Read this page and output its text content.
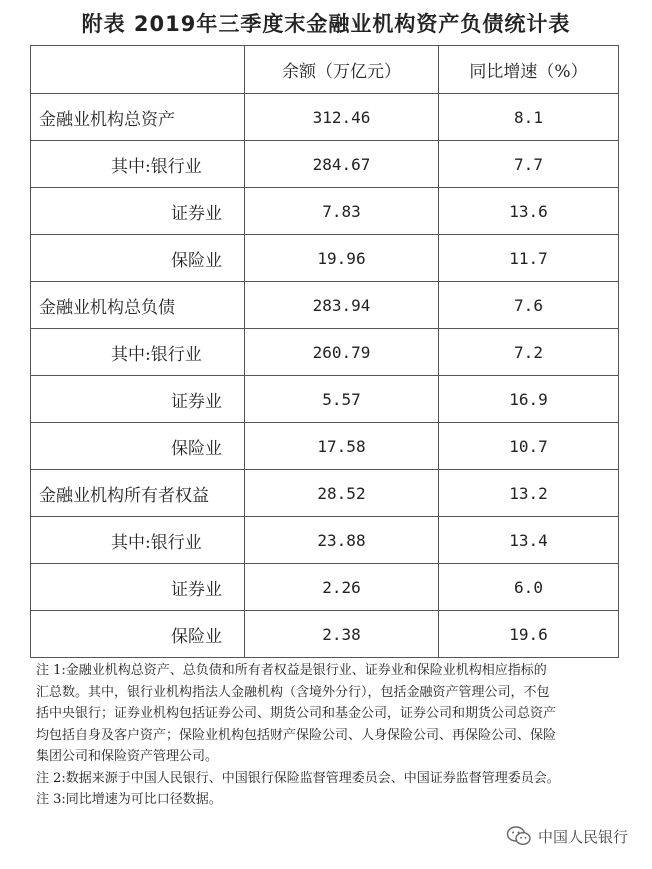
附表 2019年三季度末金融业机构资产负债统计表
	余额（万亿元）	同比增速（%）
金融业机构总资产	312.46	8.1
其中:银行业	284.67	7.7
证券业	7.83	13.6
保险业	19.96	11.7
金融业机构总负债	283.94	7.6
其中:银行业	260.79	7.2
证券业	5.57	16.9
保险业	17.58	10.7
金融业机构所有者权益	28.52	13.2
其中:银行业	23.88	13.4
证券业	2.26	6.0
保险业	2.38	19.6
注 1:金融业机构总资产、总负债和所有者权益是银行业、证券业和保险业机构相应指标的
汇总数。其中，银行业机构指法人金融机构（含境外分行），包括金融资产管理公司，不包
括中央银行；证券业机构包括证券公司、期货公司和基金公司，证券公司和期货公司总资产
均包括自身及客户资产；保险业机构包括财产保险公司、人身保险公司、再保险公司、保险
集团公司和保险资产管理公司。
注 2:数据来源于中国人民银行、中国银行保险监督管理委员会、中国证券监督管理委员会。
注 3:同比增速为可比口径数据。
中国人民银行
